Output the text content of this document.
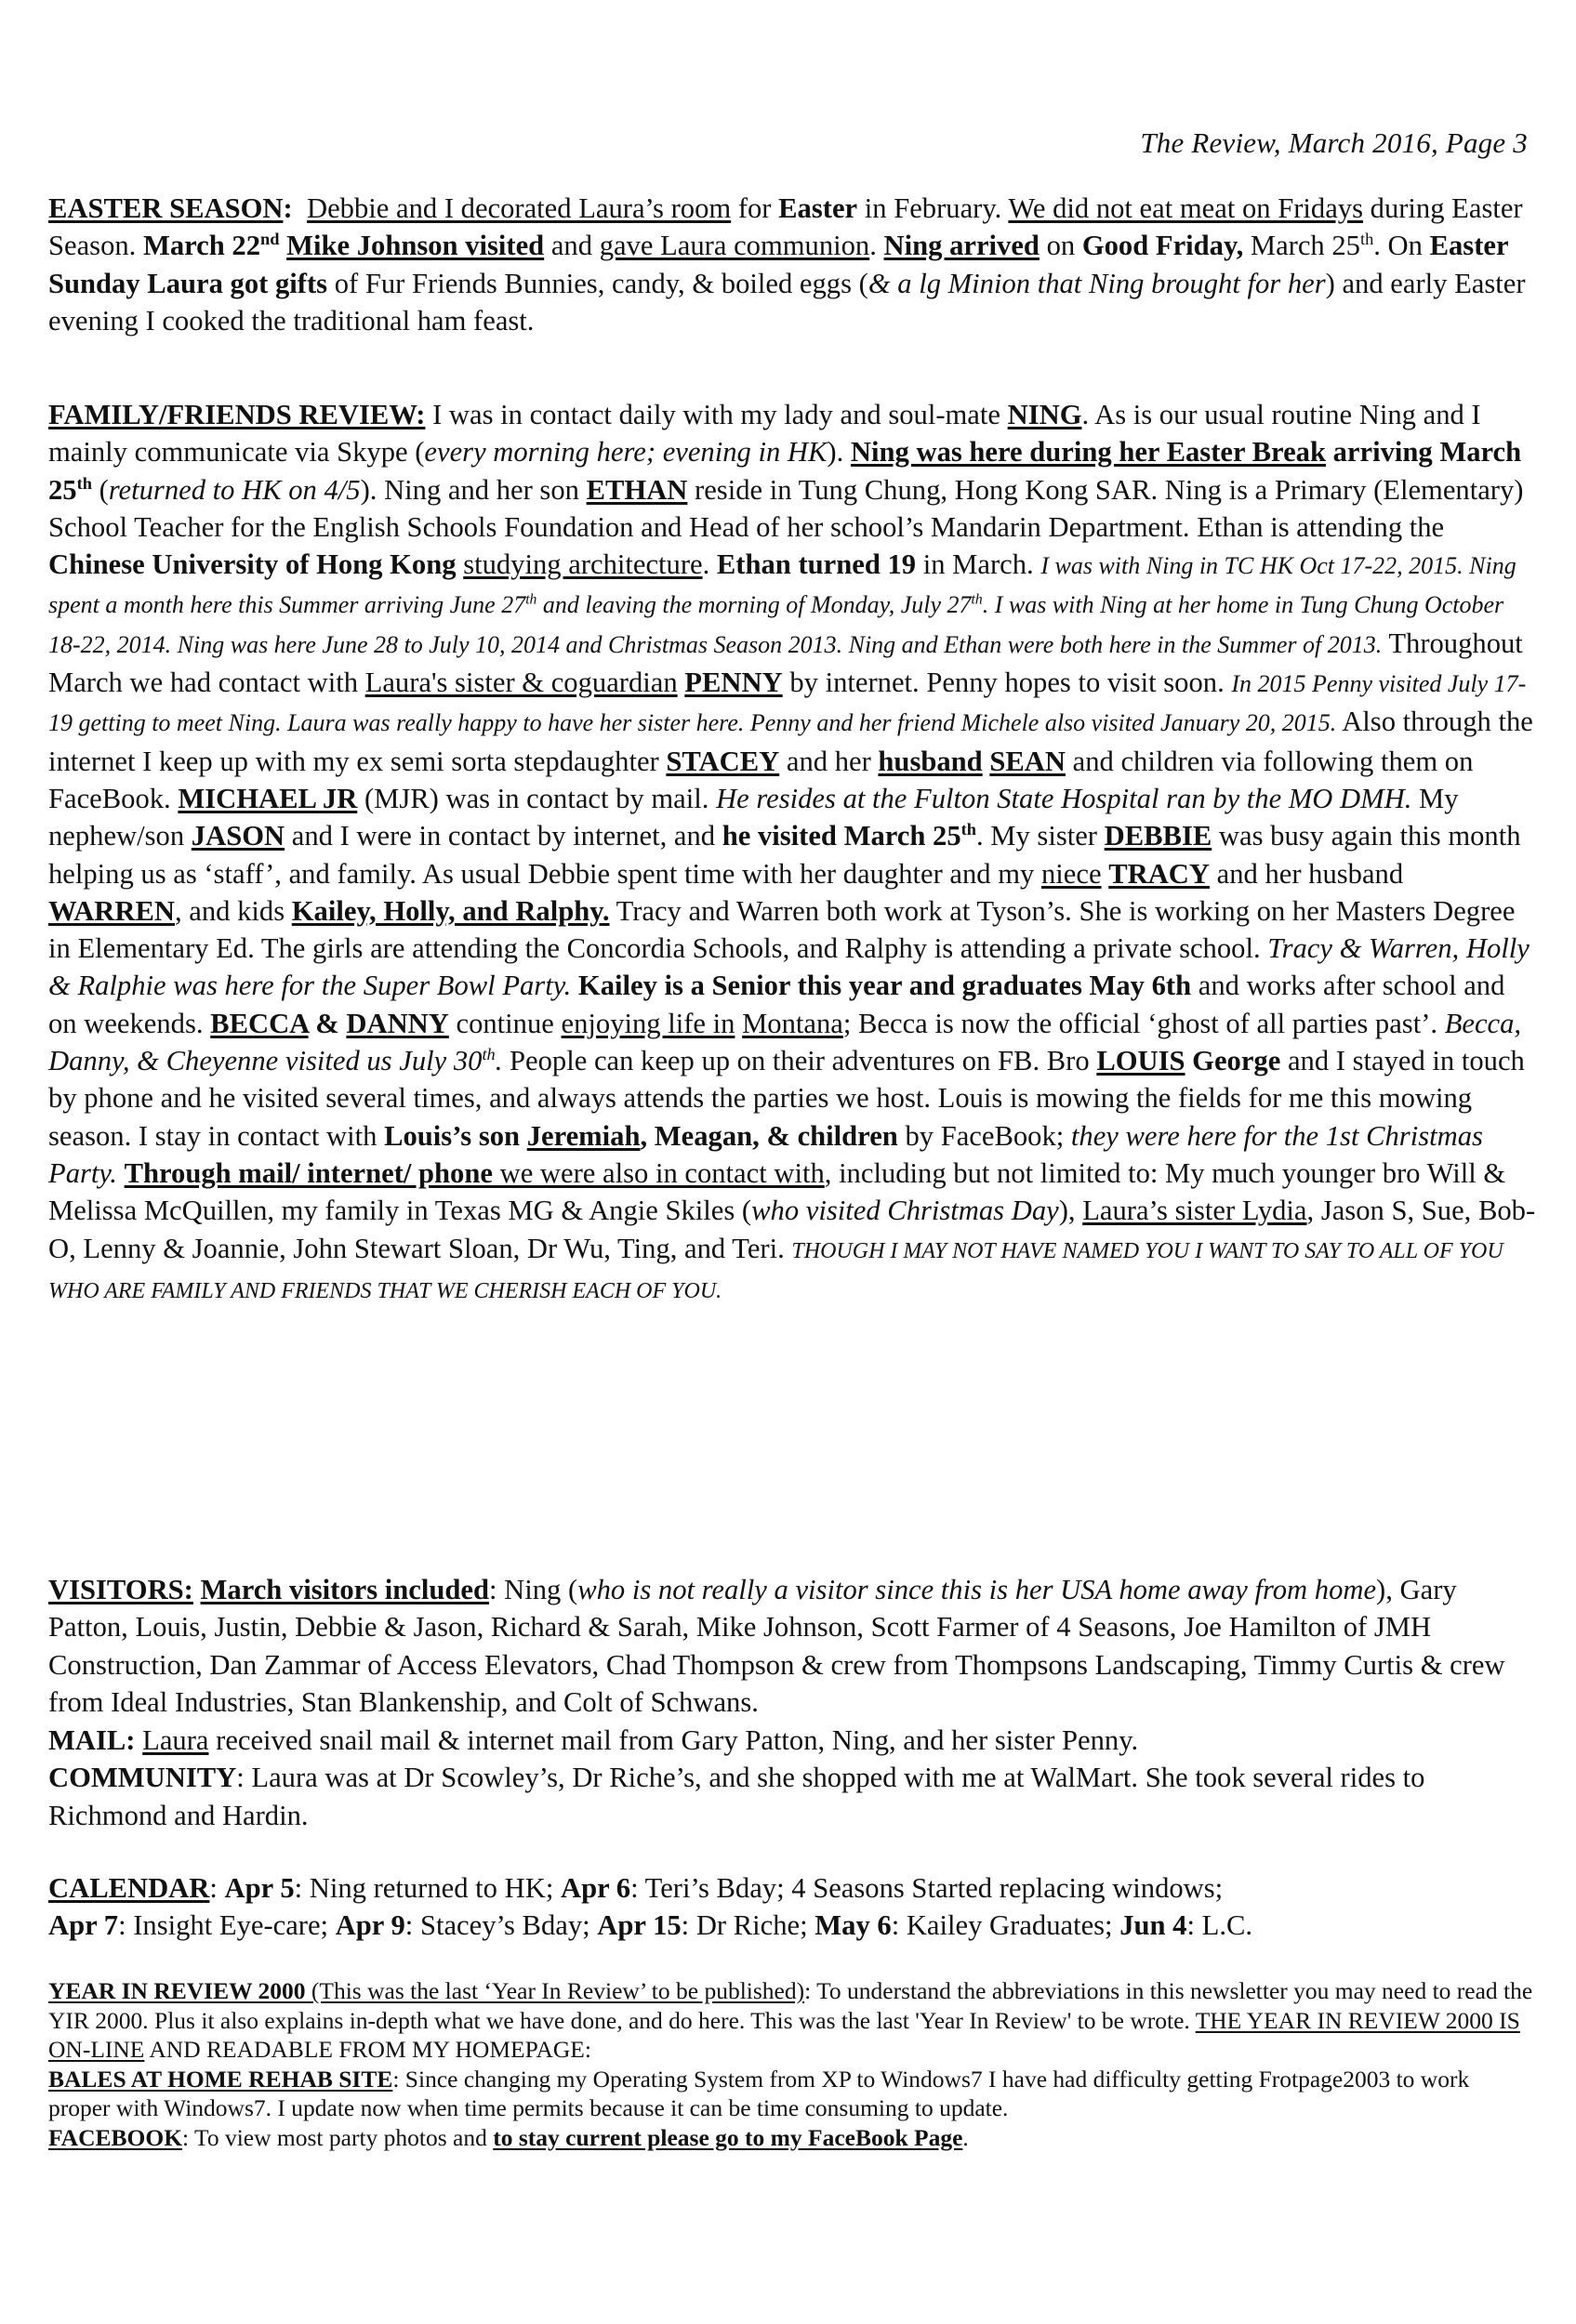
The Review, March 2016, Page 3

EASTER SEASON: Debbie and I decorated Laura’s room for Easter in February. We did not eat meat on Fridays during Easter Season. March 22nd Mike Johnson visited and gave Laura communion. Ning arrived on Good Friday, March 25th. On Easter Sunday Laura got gifts of Fur Friends Bunnies, candy, & boiled eggs (& a lg Minion that Ning brought for her) and early Easter evening I cooked the traditional ham feast.

FAMILY/FRIENDS REVIEW: I was in contact daily with my lady and soul-mate NING. As is our usual routine Ning and I mainly communicate via Skype (every morning here; evening in HK). Ning was here during her Easter Break arriving March 25th (returned to HK on 4/5). Ning and her son ETHAN reside in Tung Chung, Hong Kong SAR. Ning is a Primary (Elementary) School Teacher for the English Schools Foundation and Head of her school’s Mandarin Department. Ethan is attending the Chinese University of Hong Kong studying architecture. Ethan turned 19 in March. I was with Ning in TC HK Oct 17-22, 2015. Ning spent a month here this Summer arriving June 27th and leaving the morning of Monday, July 27th. I was with Ning at her home in Tung Chung October 18-22, 2014. Ning was here June 28 to July 10, 2014 and Christmas Season 2013. Ning and Ethan were both here in the Summer of 2013. Throughout March we had contact with Laura's sister & coguardian PENNY by internet. Penny hopes to visit soon. In 2015 Penny visited July 17-19 getting to meet Ning. Laura was really happy to have her sister here. Penny and her friend Michele also visited January 20, 2015. Also through the internet I keep up with my ex semi sorta stepdaughter STACEY and her husband SEAN and children via following them on FaceBook. MICHAEL JR (MJR) was in contact by mail. He resides at the Fulton State Hospital ran by the MO DMH. My nephew/son JASON and I were in contact by internet, and he visited March 25th. My sister DEBBIE was busy again this month helping us as ‘staff’, and family. As usual Debbie spent time with her daughter and my niece TRACY and her husband WARREN, and kids Kailey, Holly, and Ralphy. Tracy and Warren both work at Tyson’s. She is working on her Masters Degree in Elementary Ed. The girls are attending the Concordia Schools, and Ralphy is attending a private school. Tracy & Warren, Holly & Ralphie was here for the Super Bowl Party. Kailey is a Senior this year and graduates May 6th and works after school and on weekends. BECCA & DANNY continue enjoying life in Montana; Becca is now the official ‘ghost of all parties past’. Becca, Danny, & Cheyenne visited us July 30th. People can keep up on their adventures on FB. Bro LOUIS George and I stayed in touch by phone and he visited several times, and always attends the parties we host. Louis is mowing the fields for me this mowing season. I stay in contact with Louis’s son Jeremiah, Meagan, & children by FaceBook; they were here for the 1st Christmas Party. Through mail/ internet/ phone we were also in contact with, including but not limited to: My much younger bro Will & Melissa McQuillen, my family in Texas MG & Angie Skiles (who visited Christmas Day), Laura’s sister Lydia, Jason S, Sue, Bob-O, Lenny & Joannie, John Stewart Sloan, Dr Wu, Ting, and Teri. THOUGH I MAY NOT HAVE NAMED YOU I WANT TO SAY TO ALL OF YOU WHO ARE FAMILY AND FRIENDS THAT WE CHERISH EACH OF YOU.

VISITORS: March visitors included: Ning (who is not really a visitor since this is her USA home away from home), Gary Patton, Louis, Justin, Debbie & Jason, Richard & Sarah, Mike Johnson, Scott Farmer of 4 Seasons, Joe Hamilton of JMH Construction, Dan Zammar of Access Elevators, Chad Thompson & crew from Thompsons Landscaping, Timmy Curtis & crew from Ideal Industries, Stan Blankenship, and Colt of Schwans.

MAIL: Laura received snail mail & internet mail from Gary Patton, Ning, and her sister Penny.
COMMUNITY: Laura was at Dr Scowley’s, Dr Riche’s, and she shopped with me at WalMart. She took several rides to Richmond and Hardin.

CALENDAR: Apr 5: Ning returned to HK; Apr 6: Teri’s Bday; 4 Seasons Started replacing windows;
Apr 7: Insight Eye-care; Apr 9: Stacey’s Bday; Apr 15: Dr Riche; May 6: Kailey Graduates; Jun 4: L.C.

YEAR IN REVIEW 2000 (This was the last ‘Year In Review’ to be published): To understand the abbreviations in this newsletter you may need to read the YIR 2000. Plus it also explains in-depth what we have done, and do here. This was the last 'Year In Review' to be wrote. THE YEAR IN REVIEW 2000 IS ON-LINE AND READABLE FROM MY HOMEPAGE:
BALES AT HOME REHAB SITE: Since changing my Operating System from XP to Windows7 I have had difficulty getting Frotpage2003 to work proper with Windows7. I update now when time permits because it can be time consuming to update.
FACEBOOK: To view most party photos and to stay current please go to my FaceBook Page.
